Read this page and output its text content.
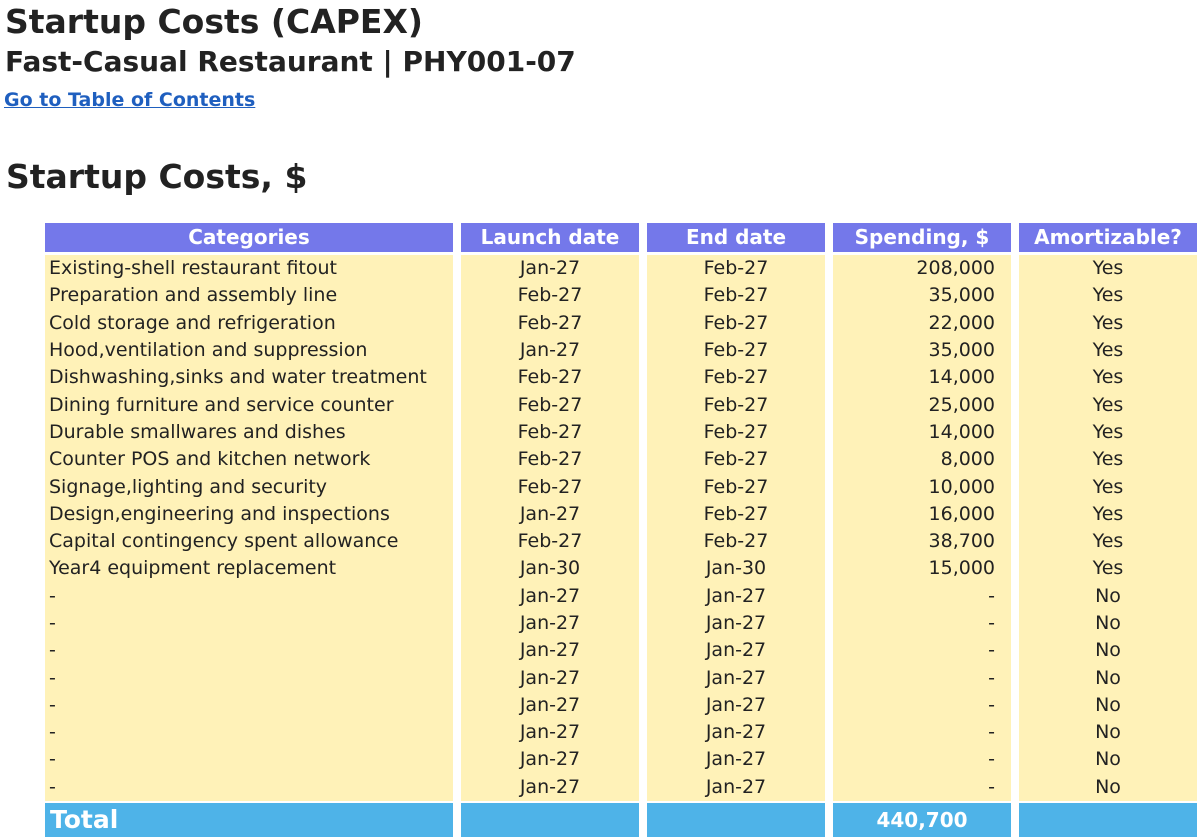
Startup Costs (CAPEX)
Fast-Casual Restaurant | PHY001-07
Go to Table of Contents
Startup Costs, $
Categories	Launch date	End date	Spending, $	Amortizable?
Existing-shell restaurant fitout	Jan-27	Feb-27	208,000	Yes
Preparation and assembly line	Feb-27	Feb-27	35,000	Yes
Cold storage and refrigeration	Feb-27	Feb-27	22,000	Yes
Hood,ventilation and suppression	Jan-27	Feb-27	35,000	Yes
Dishwashing,sinks and water treatment	Feb-27	Feb-27	14,000	Yes
Dining furniture and service counter	Feb-27	Feb-27	25,000	Yes
Durable smallwares and dishes	Feb-27	Feb-27	14,000	Yes
Counter POS and kitchen network	Feb-27	Feb-27	8,000	Yes
Signage,lighting and security	Feb-27	Feb-27	10,000	Yes
Design,engineering and inspections	Jan-27	Feb-27	16,000	Yes
Capital contingency spent allowance	Feb-27	Feb-27	38,700	Yes
Year4 equipment replacement	Jan-30	Jan-30	15,000	Yes
-	Jan-27	Jan-27	-	No
-	Jan-27	Jan-27	-	No
-	Jan-27	Jan-27	-	No
-	Jan-27	Jan-27	-	No
-	Jan-27	Jan-27	-	No
-	Jan-27	Jan-27	-	No
-	Jan-27	Jan-27	-	No
-	Jan-27	Jan-27	-	No
Total			440,700	
